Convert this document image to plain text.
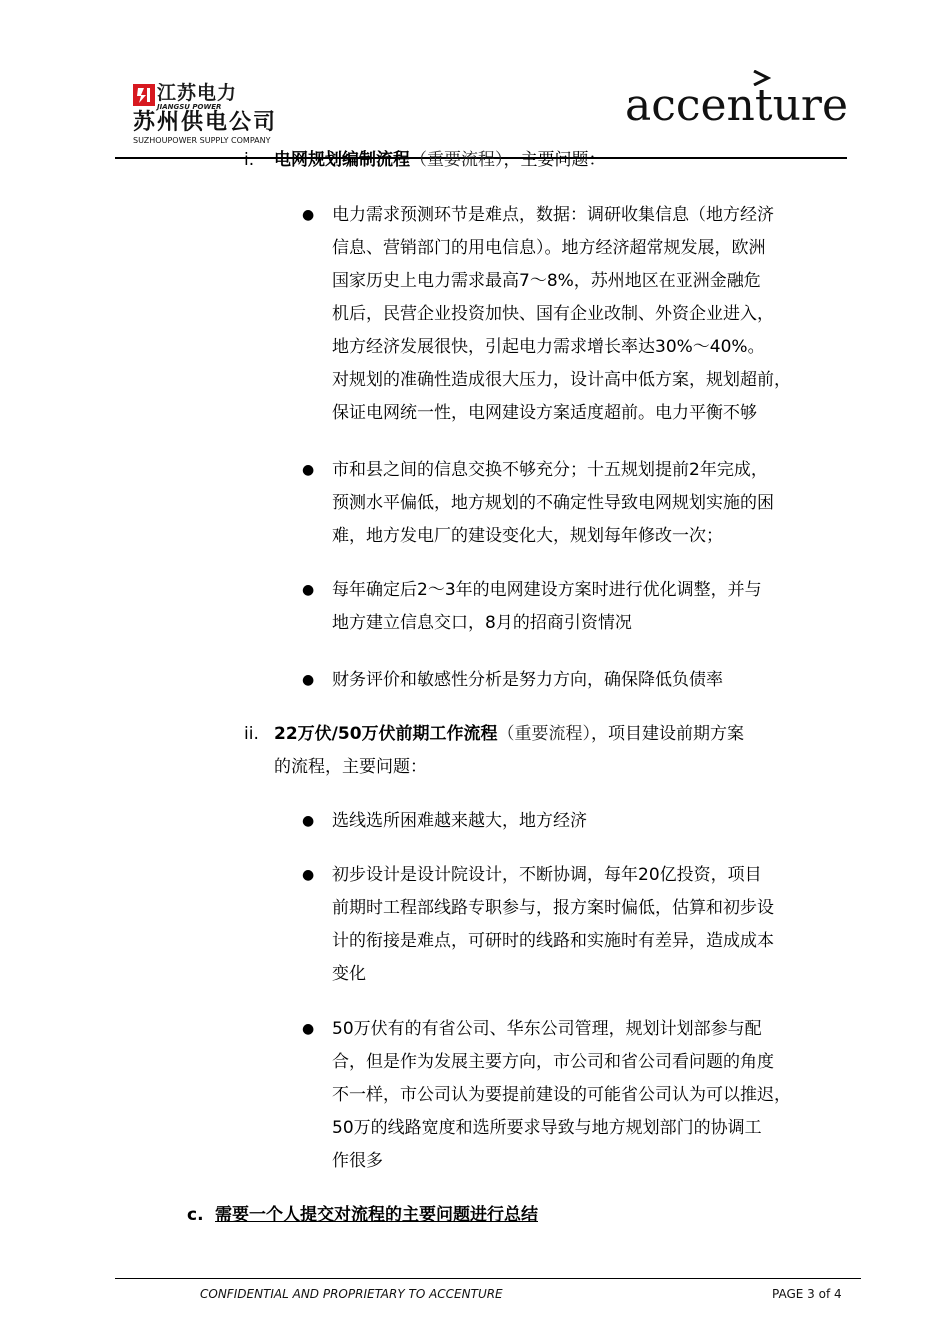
江苏电力
JIANGSU POWER
苏州供电公司
SUZHOUPOWER SUPPLY COMPANY
accenture
i. 电网规划编制流程（重要流程），主要问题：
● 电力需求预测环节是难点，数据：调研收集信息（地方经济
信息、营销部门的用电信息）。地方经济超常规发展，欧洲
国家历史上电力需求最高7～8%，苏州地区在亚洲金融危
机后，民营企业投资加快、国有企业改制、外资企业进入，
地方经济发展很快，引起电力需求增长率达30%～40%。
对规划的准确性造成很大压力，设计高中低方案，规划超前，
保证电网统一性，电网建设方案适度超前。电力平衡不够
● 市和县之间的信息交换不够充分；十五规划提前2年完成，
预测水平偏低，地方规划的不确定性导致电网规划实施的困
难，地方发电厂的建设变化大，规划每年修改一次；
● 每年确定后2～3年的电网建设方案时进行优化调整，并与
地方建立信息交口，8月的招商引资情况
● 财务评价和敏感性分析是努力方向，确保降低负债率
ii. 22万伏/50万伏前期工作流程（重要流程），项目建设前期方案
的流程，主要问题：
● 选线选所困难越来越大，地方经济
● 初步设计是设计院设计，不断协调，每年20亿投资，项目
前期时工程部线路专职参与，报方案时偏低，估算和初步设
计的衔接是难点，可研时的线路和实施时有差异，造成成本
变化
● 50万伏有的有省公司、华东公司管理，规划计划部参与配
合，但是作为发展主要方向，市公司和省公司看问题的角度
不一样，市公司认为要提前建设的可能省公司认为可以推迟，
50万的线路宽度和选所要求导致与地方规划部门的协调工
作很多
c. 需要一个人提交对流程的主要问题进行总结
CONFIDENTIAL AND PROPRIETARY TO ACCENTURE	PAGE 3 of 4
